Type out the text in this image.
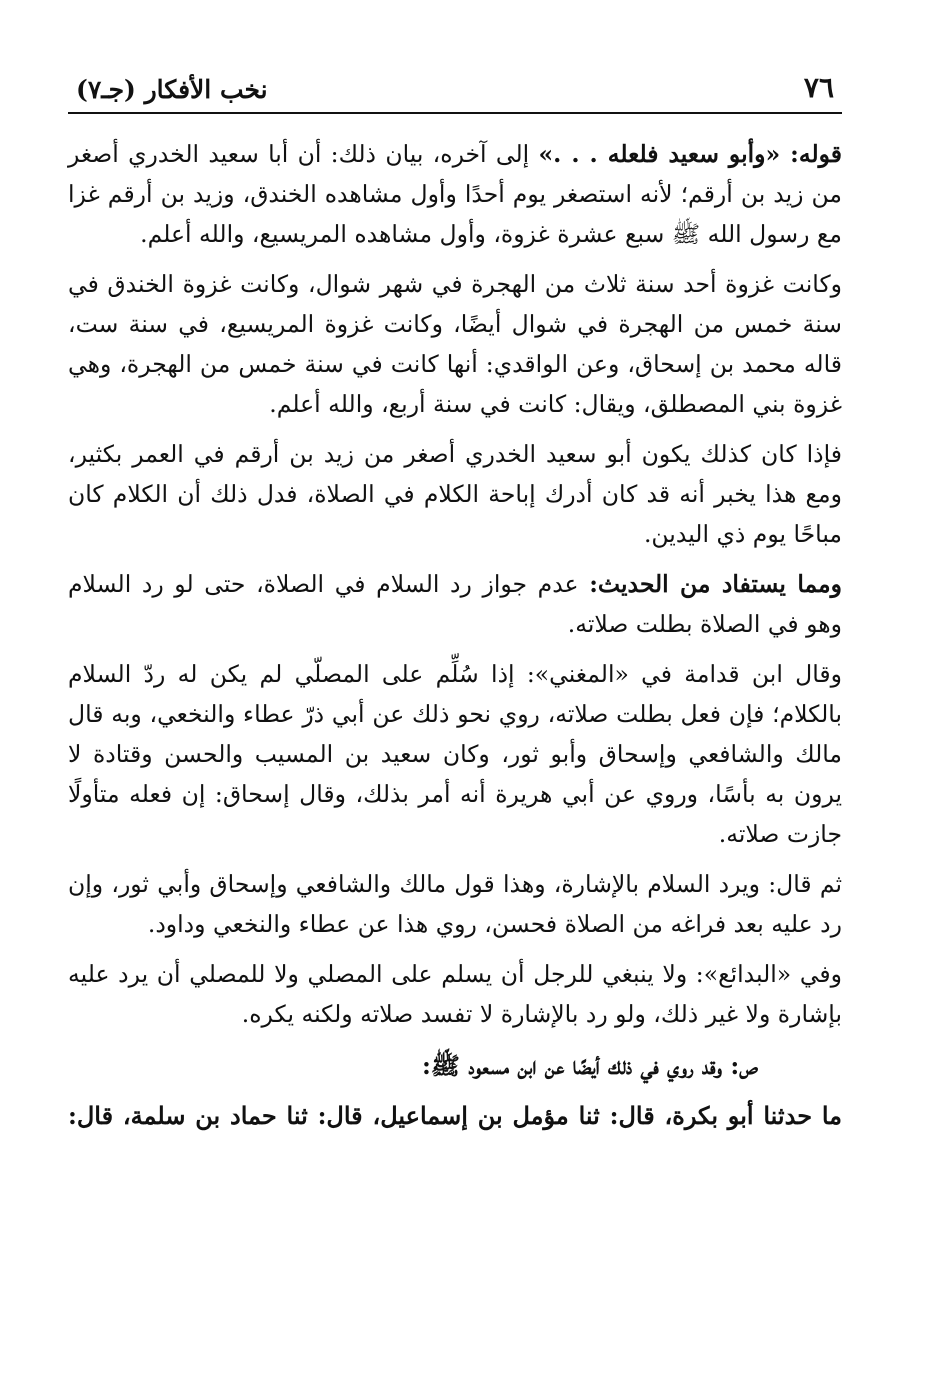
٧٦
نخب الأفكار (جـ٧)

قوله: «وأبو سعيد فلعله . . .» إلى آخره، بيان ذلك: أن أبا سعيد الخدري أصغر من زيد بن أرقم؛ لأنه استصغر يوم أحدًا وأول مشاهده الخندق، وزيد بن أرقم غزا مع رسول الله ﷺ سبع عشرة غزوة، وأول مشاهده المريسيع، والله أعلم.

وكانت غزوة أحد سنة ثلاث من الهجرة في شهر شوال، وكانت غزوة الخندق في سنة خمس من الهجرة في شوال أيضًا، وكانت غزوة المريسيع، في سنة ست، قاله محمد بن إسحاق، وعن الواقدي: أنها كانت في سنة خمس من الهجرة، وهي غزوة بني المصطلق، ويقال: كانت في سنة أربع، والله أعلم.

فإذا كان كذلك يكون أبو سعيد الخدري أصغر من زيد بن أرقم في العمر بكثير، ومع هذا يخبر أنه قد كان أدرك إباحة الكلام في الصلاة، فدل ذلك أن الكلام كان مباحًا يوم ذي اليدين.

ومما يستفاد من الحديث: عدم جواز رد السلام في الصلاة، حتى لو رد السلام وهو في الصلاة بطلت صلاته.

وقال ابن قدامة في «المغني»: إذا سُلِّم على المصلّي لم يكن له ردّ السلام بالكلام؛ فإن فعل بطلت صلاته، روي نحو ذلك عن أبي ذرّ عطاء والنخعي، وبه قال مالك والشافعي وإسحاق وأبو ثور، وكان سعيد بن المسيب والحسن وقتادة لا يرون به بأسًا، وروي عن أبي هريرة أنه أمر بذلك، وقال إسحاق: إن فعله متأولًا جازت صلاته.

ثم قال: ويرد السلام بالإشارة، وهذا قول مالك والشافعي وإسحاق وأبي ثور، وإن رد عليه بعد فراغه من الصلاة فحسن، روي هذا عن عطاء والنخعي وداود.

وفي «البدائع»: ولا ينبغي للرجل أن يسلم على المصلي ولا للمصلي أن يرد عليه بإشارة ولا غير ذلك، ولو رد بالإشارة لا تفسد صلاته ولكنه يكره.

ص: وقد روي في ذلك أيضًا عن ابن مسعود ﷺ:

ما حدثنا أبو بكرة، قال: ثنا مؤمل بن إسماعيل، قال: ثنا حماد بن سلمة، قال:
